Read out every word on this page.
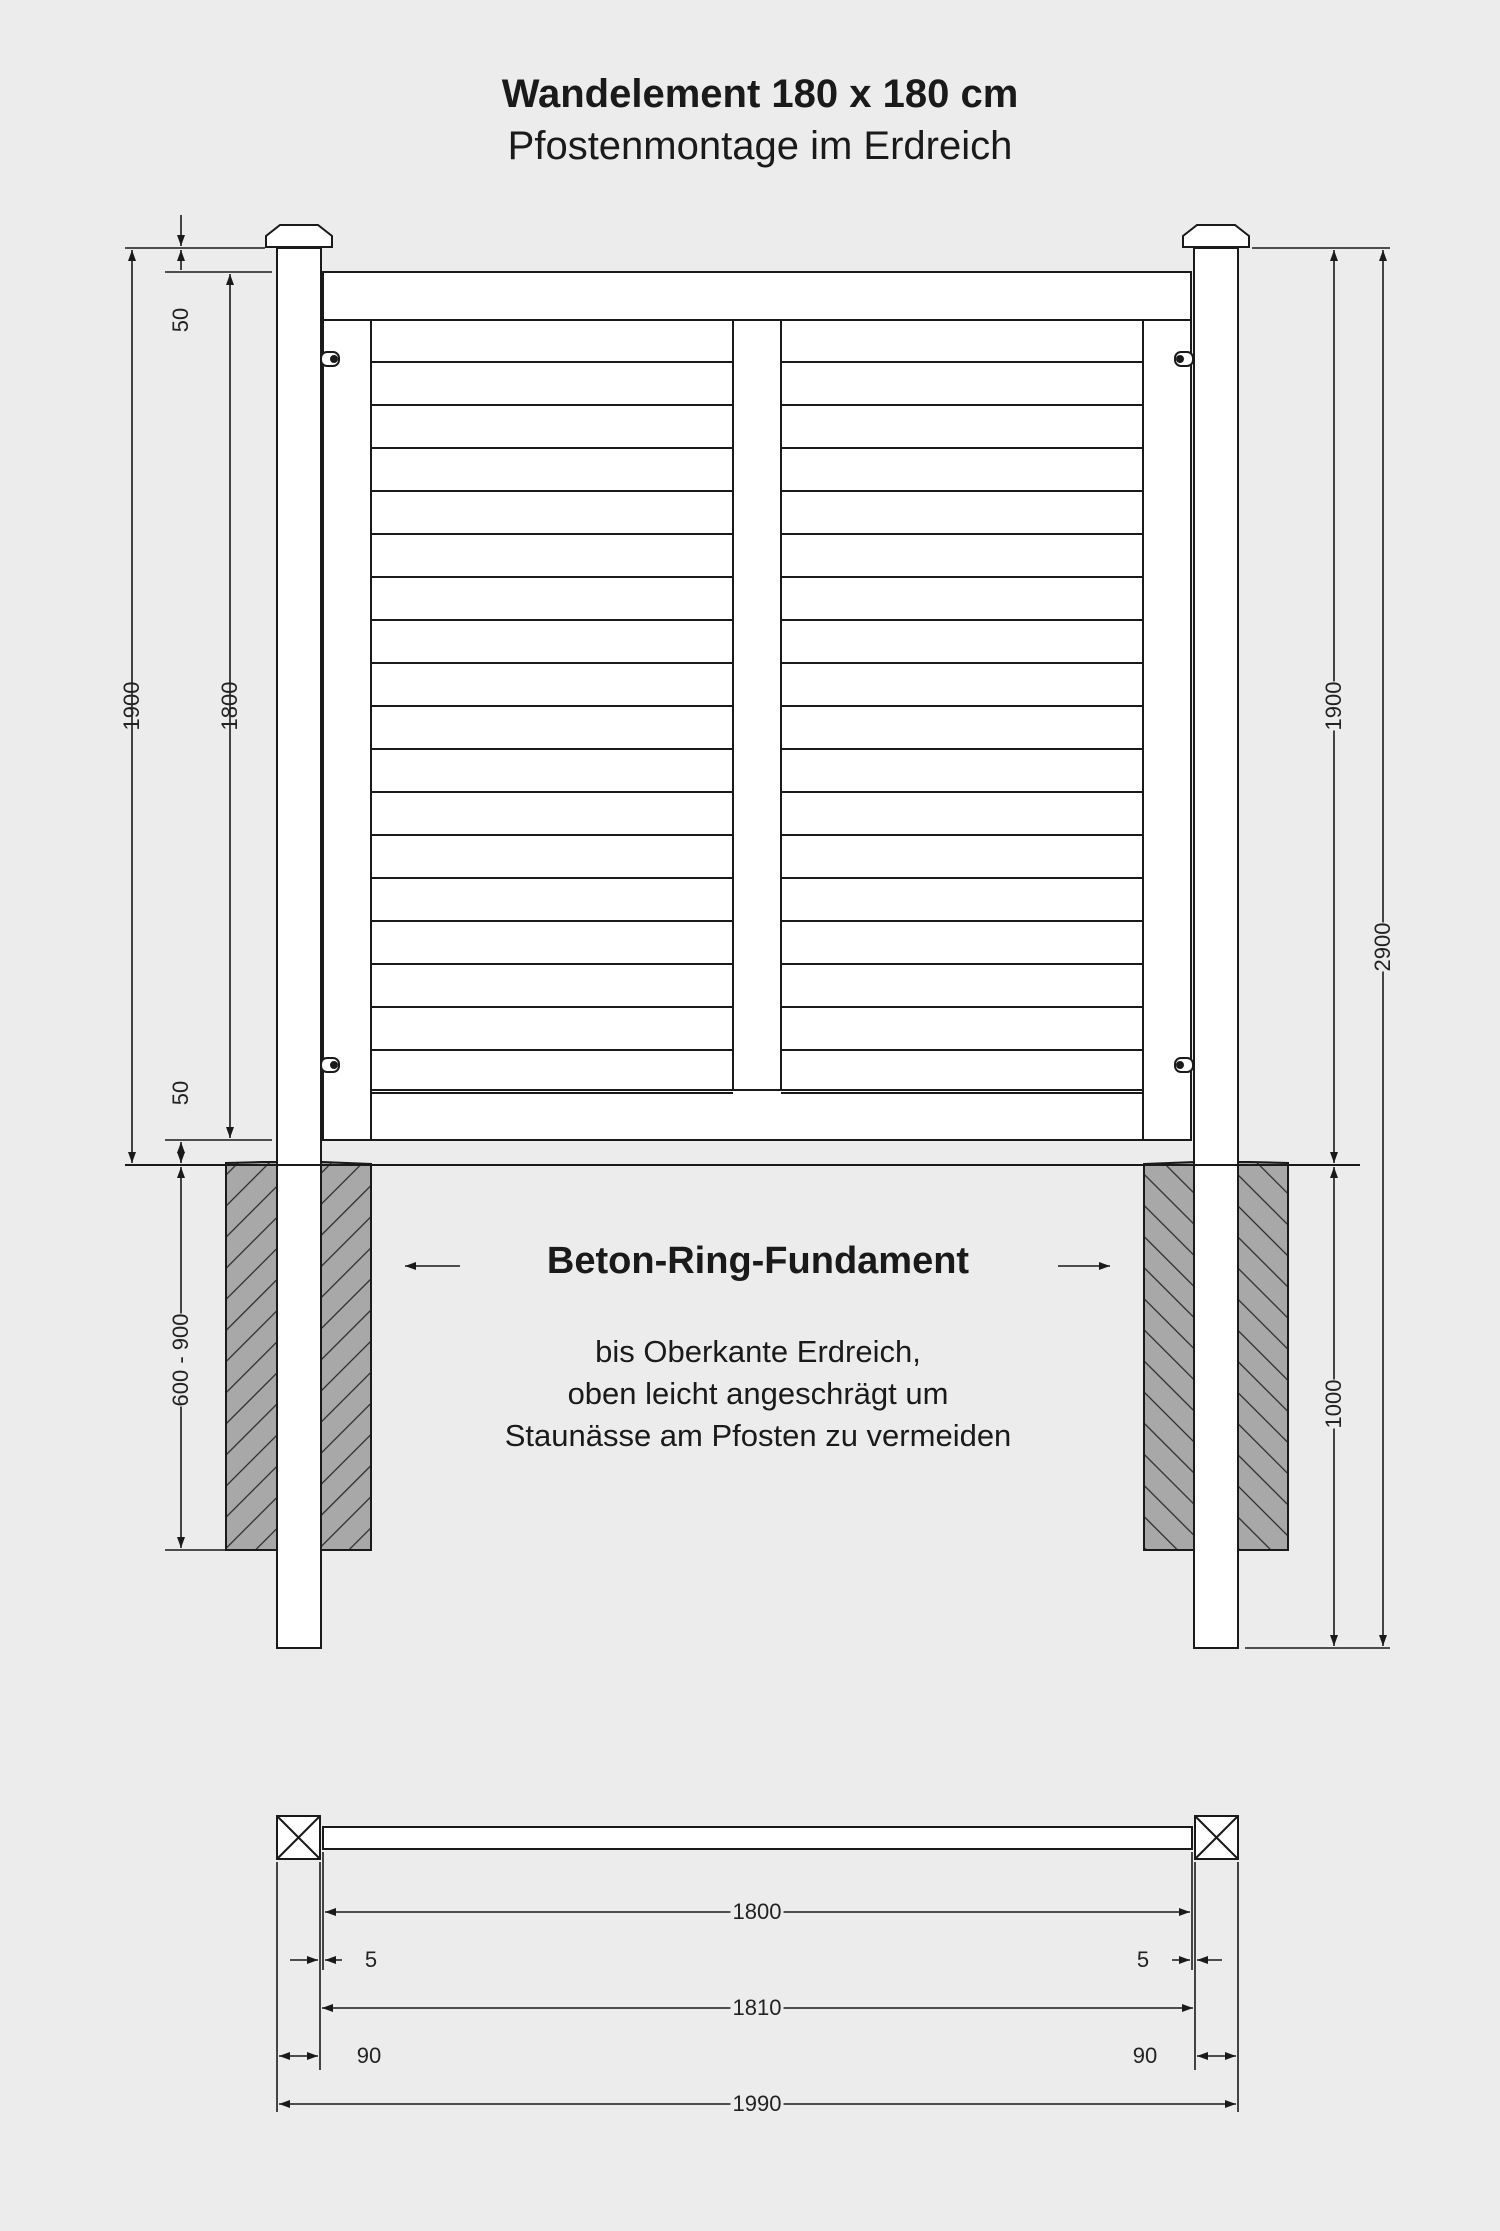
Wandelement 180 x 180 cm
Pfostenmontage im Erdreich
Beton-Ring-Fundament
bis Oberkante Erdreich,
oben leicht angeschrägt um
Staunässe am Pfosten zu vermeiden
1900	1800
50
50
600 - 900
1900
2900
1000
1800
5	5
1810
90	90
1990
